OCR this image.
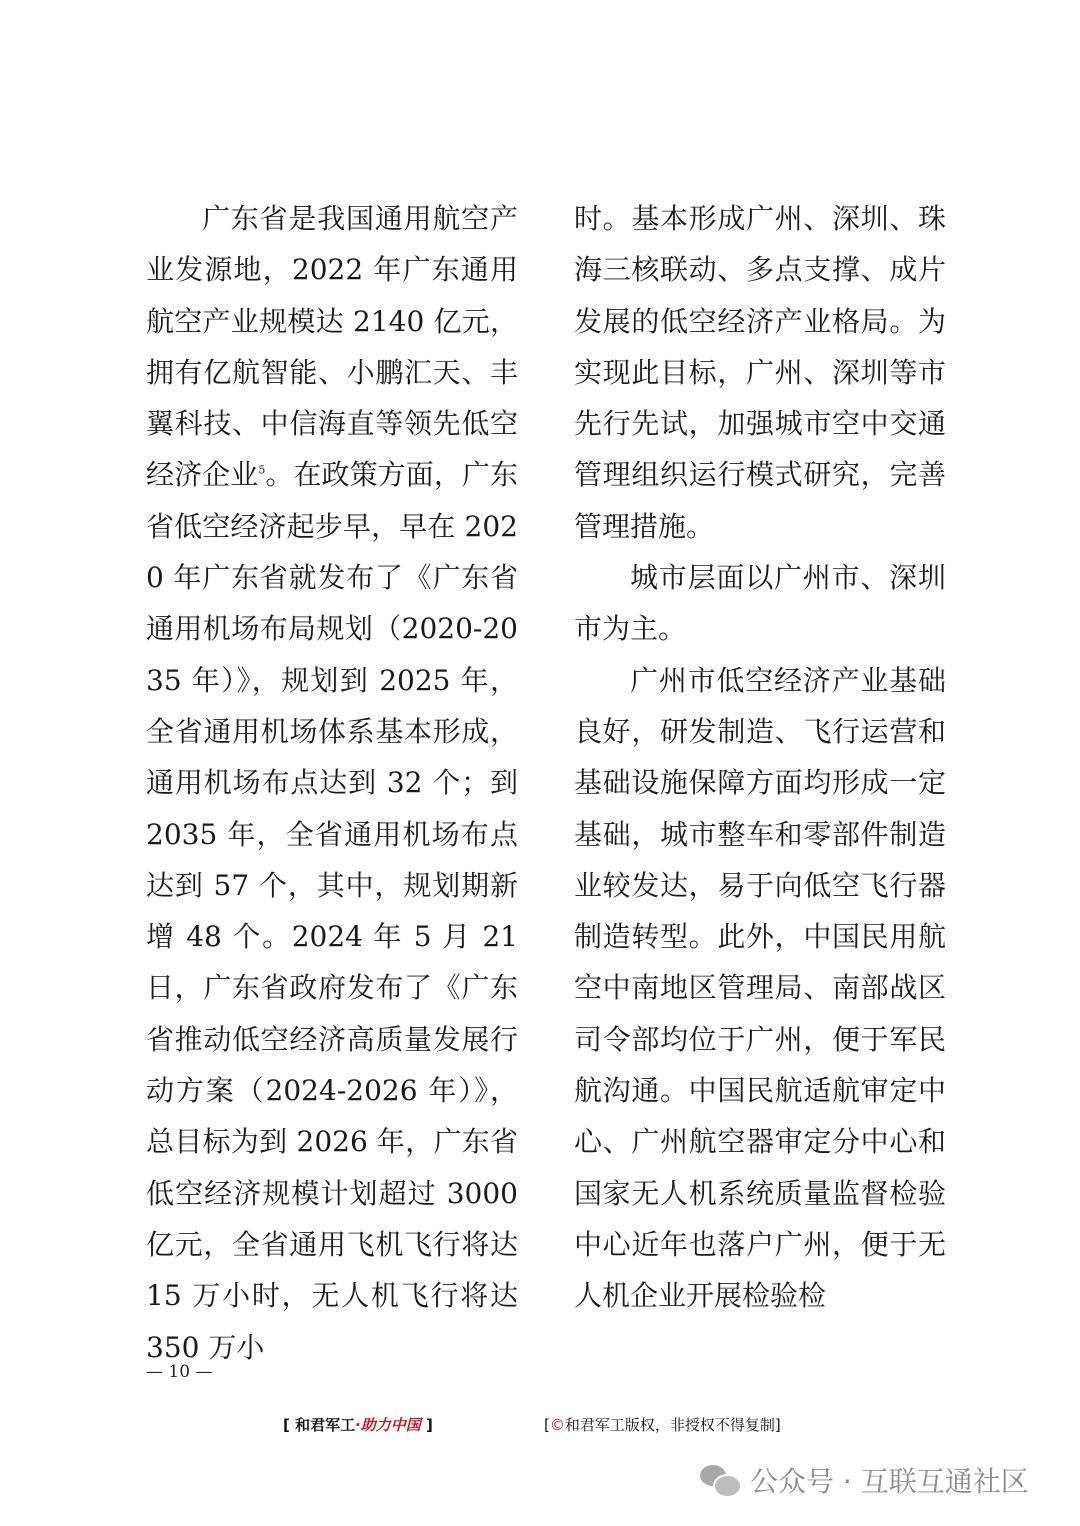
广东省是我国通用航空产业发源地，2022 年广东通用航空产业规模达 2140 亿元，拥有亿航智能、小鹏汇天、丰翼科技、中信海直等领先低空经济企业$^5$。在政策方面，广东省低空经济起步早，早在 2020 年广东省就发布了《广东省通用机场布局规划（2020-2035 年）》，规划到 2025 年，全省通用机场体系基本形成，通用机场布点达到 32 个；到 2035 年，全省通用机场布点达到 57 个，其中，规划期新增 48 个。2024 年 5 月 21 日，广东省政府发布了《广东省推动低空经济高质量发展行动方案（2024-2026 年）》，总目标为到 2026 年，广东省低空经济规模计划超过 3000 亿元，全省通用飞机飞行将达 15 万小时，无人机飞行将达 350 万小

时。基本形成广州、深圳、珠海三核联动、多点支撑、成片发展的低空经济产业格局。为实现此目标，广州、深圳等市先行先试，加强城市空中交通管理组织运行模式研究，完善管理措施。

城市层面以广州市、深圳市为主。

广州市低空经济产业基础良好，研发制造、飞行运营和基础设施保障方面均形成一定基础，城市整车和零部件制造业较发达，易于向低空飞行器制造转型。此外，中国民用航空中南地区管理局、南部战区司令部均位于广州，便于军民航沟通。中国民航适航审定中心、广州航空器审定分中心和国家无人机系统质量监督检验中心近年也落户广州，便于无人机企业开展检验检

— 10 —
[ 和君军工·助力中国 ]	[©和君军工版权，非授权不得复制]
公众号 · 互联互通社区
